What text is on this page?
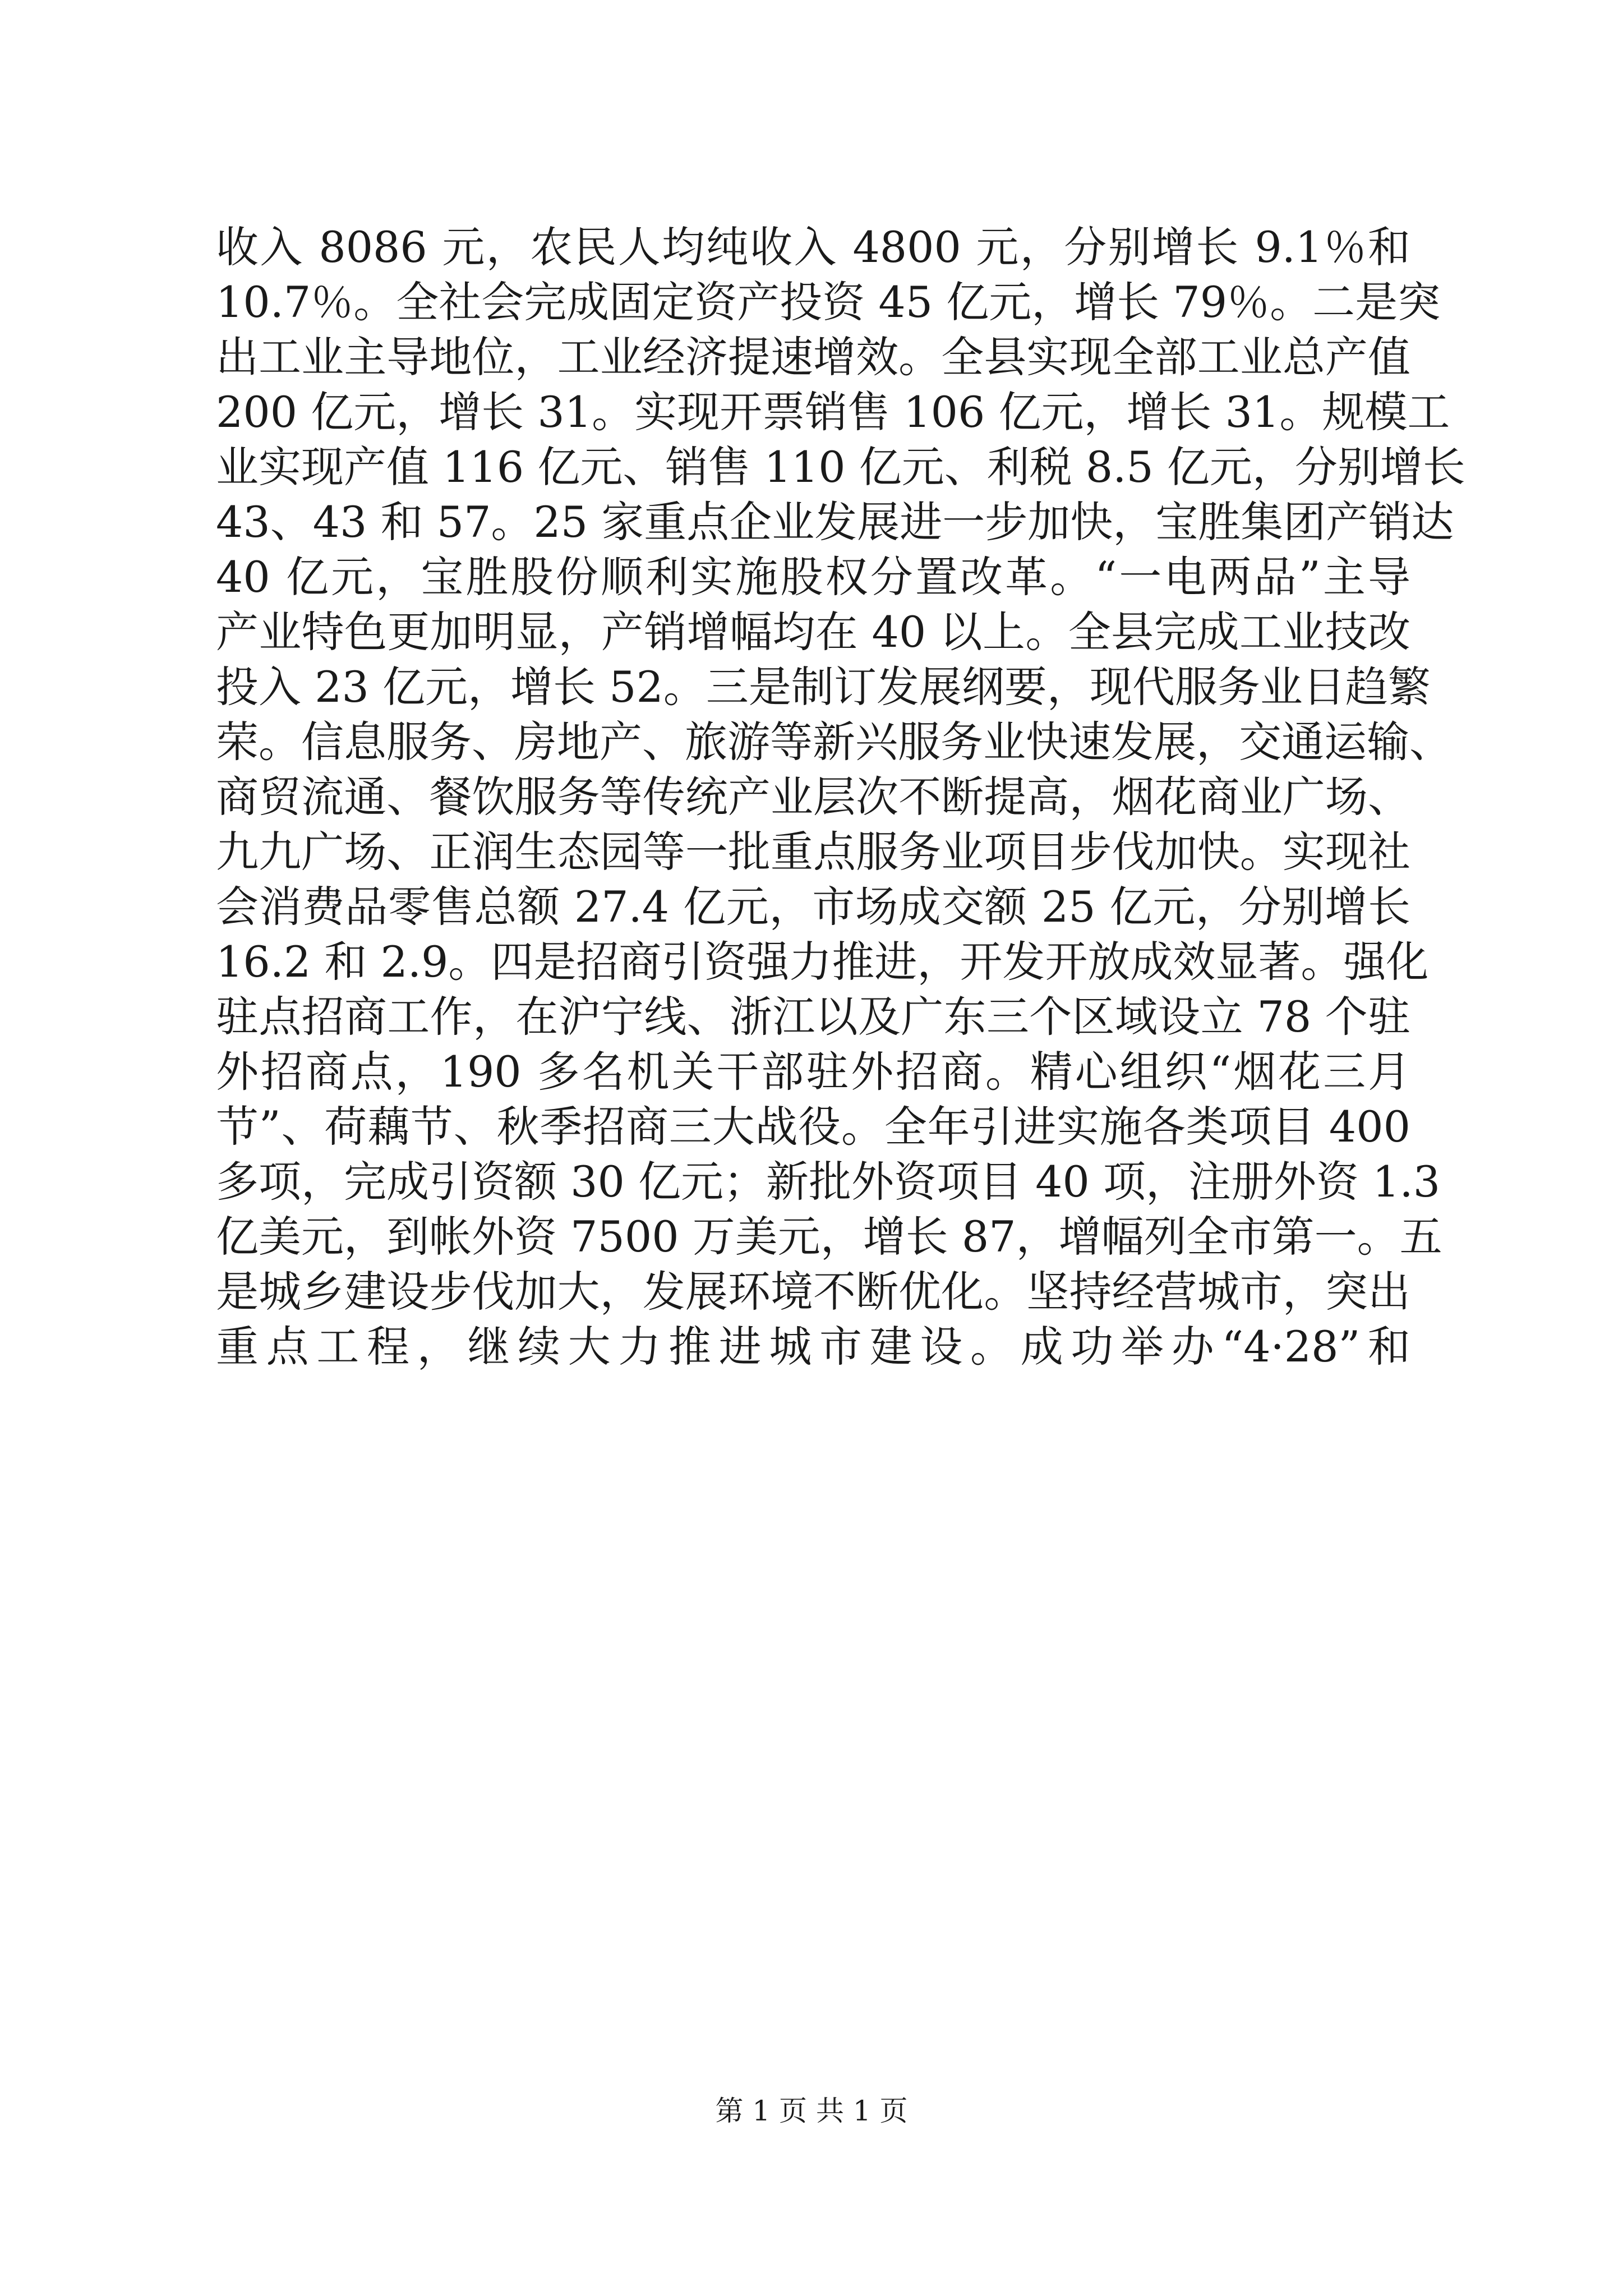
收入 8086 元，农民人均纯收入 4800 元，分别增长 9.1％和
10.7％。全社会完成固定资产投资 45 亿元，增长 79％。二是突
出工业主导地位，工业经济提速增效。全县实现全部工业总产值
200 亿元，增长 31。实现开票销售 106 亿元，增长 31。规模工
业实现产值 116 亿元、销售 110 亿元、利税 8.5 亿元，分别增长
43、43 和 57。25 家重点企业发展进一步加快，宝胜集团产销达
40 亿元，宝胜股份顺利实施股权分置改革。“一电两品”主导
产业特色更加明显，产销增幅均在 40 以上。全县完成工业技改
投入 23 亿元，增长 52。三是制订发展纲要，现代服务业日趋繁
荣。信息服务、房地产、旅游等新兴服务业快速发展，交通运输、
商贸流通、餐饮服务等传统产业层次不断提高，烟花商业广场、
九九广场、正润生态园等一批重点服务业项目步伐加快。实现社
会消费品零售总额 27.4 亿元，市场成交额 25 亿元，分别增长
16.2 和 2.9。四是招商引资强力推进，开发开放成效显著。强化
驻点招商工作，在沪宁线、浙江以及广东三个区域设立 78 个驻
外招商点，190 多名机关干部驻外招商。精心组织“烟花三月
节”、荷藕节、秋季招商三大战役。全年引进实施各类项目 400
多项，完成引资额 30 亿元；新批外资项目 40 项，注册外资 1.3
亿美元，到帐外资 7500 万美元，增长 87，增幅列全市第一。五
是城乡建设步伐加大，发展环境不断优化。坚持经营城市，突出
重点工程，继续大力推进城市建设。成功举办“4·28”和
第 1 页 共 1 页
